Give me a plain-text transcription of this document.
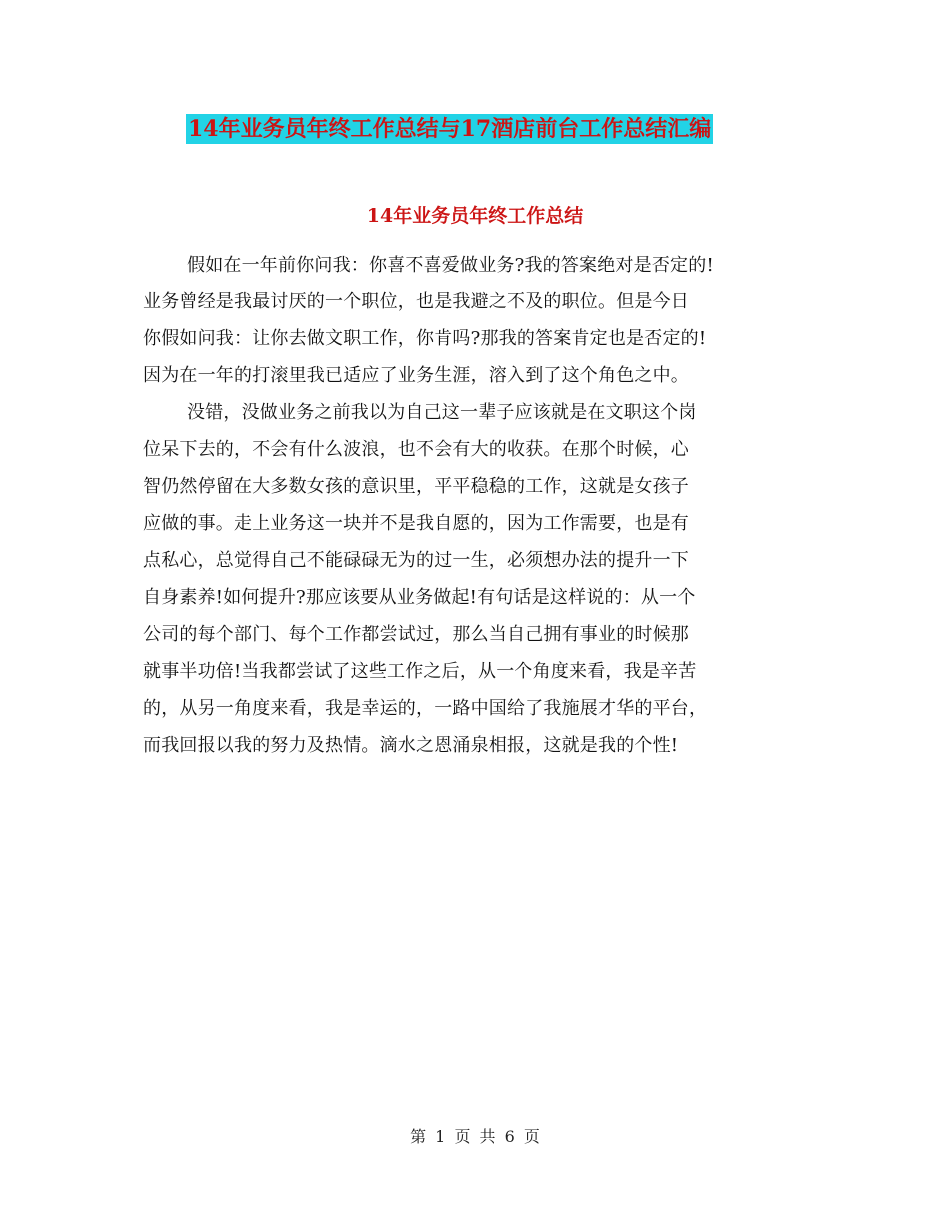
14年业务员年终工作总结与17酒店前台工作总结汇编
14年业务员年终工作总结

假如在一年前你问我：你喜不喜爱做业务?我的答案绝对是否定的!

业务曾经是我最讨厌的一个职位，也是我避之不及的职位。但是今日

你假如问我：让你去做文职工作，你肯吗?那我的答案肯定也是否定的!

因为在一年的打滚里我已适应了业务生涯，溶入到了这个角色之中。

没错，没做业务之前我以为自己这一辈子应该就是在文职这个岗

位呆下去的，不会有什么波浪，也不会有大的收获。在那个时候，心

智仍然停留在大多数女孩的意识里，平平稳稳的工作，这就是女孩子

应做的事。走上业务这一块并不是我自愿的，因为工作需要，也是有

点私心，总觉得自己不能碌碌无为的过一生，必须想办法的提升一下

自身素养!如何提升?那应该要从业务做起!有句话是这样说的：从一个

公司的每个部门、每个工作都尝试过，那么当自己拥有事业的时候那

就事半功倍!当我都尝试了这些工作之后，从一个角度来看，我是辛苦

的，从另一角度来看，我是幸运的，一路中国给了我施展才华的平台，

而我回报以我的努力及热情。滴水之恩涌泉相报，这就是我的个性!

第 1 页 共 6 页
